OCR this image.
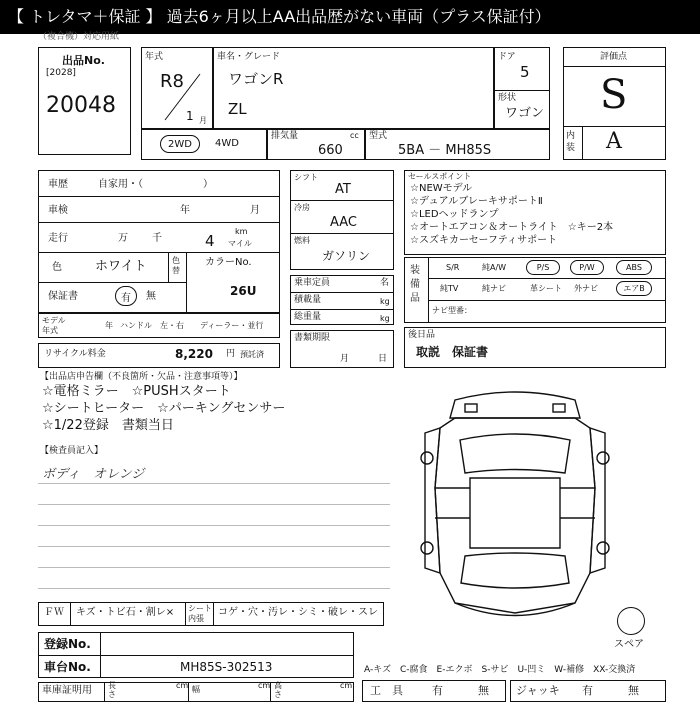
【 トレタマ＋保証 】 過去6ヶ月以上AA出品歴がない車両（プラス保証付）
（複合機）対応用紙
出品No.
[2028]
20048
年式
R8
1 月
車名・グレード
ワゴンR
ZL
ドア
5
形状
ワゴン
評価点
S
内装 A
2WD	4WD
排気量	cc
660
型式
5BA － MH85S
車歴	自家用・（　　　　　　）
車検	年	月
走行	万 千	4
km
マイル
色	ホワイト	色替
カラーNo.
26U
保証書	有	無
モデル年式
年 ハンドル　左・右 ディーラー・並行
リサイクル料金	8,220 円 預託済
シフト
AT
冷房
AAC
燃料
ガソリン
乗車定員	名
積載量	kg
総重量	kg
書類期限
月	日
セールスポイント
☆NEWモデル
☆デュアルブレーキサポートⅡ
☆LEDヘッドランプ
☆オートエアコン＆オートライト　☆キー2本
☆スズキカーセーフティサポート
装備品
S/R	純A/W	P/S	P/W	ABS
純TV	純ナビ	革シート 外ナビ	エアB
ナビ型番：
後日品
取説　保証書
【出品店申告欄（不良箇所・欠品・注意事項等）】
☆電格ミラー　☆PUSHスタート
☆シートヒーター　☆パーキングセンサー
☆1/22登録　書類当日
【検査員記入】
ボディ　オレンジ
スペア
ＦＷ キズ・トビ石・割レ× シート内張
コゲ・穴・汚レ・シミ・破レ・スレ
登録No.
車台No.	MH85S-302513
車庫証明用 長さ
cm 幅	cm 高さ
cm
A-キズ　C-腐食　E-エクボ　S-サビ　U-凹ミ　W-補修　XX-交換済
工　具	有	無 ジャッキ 有	無
